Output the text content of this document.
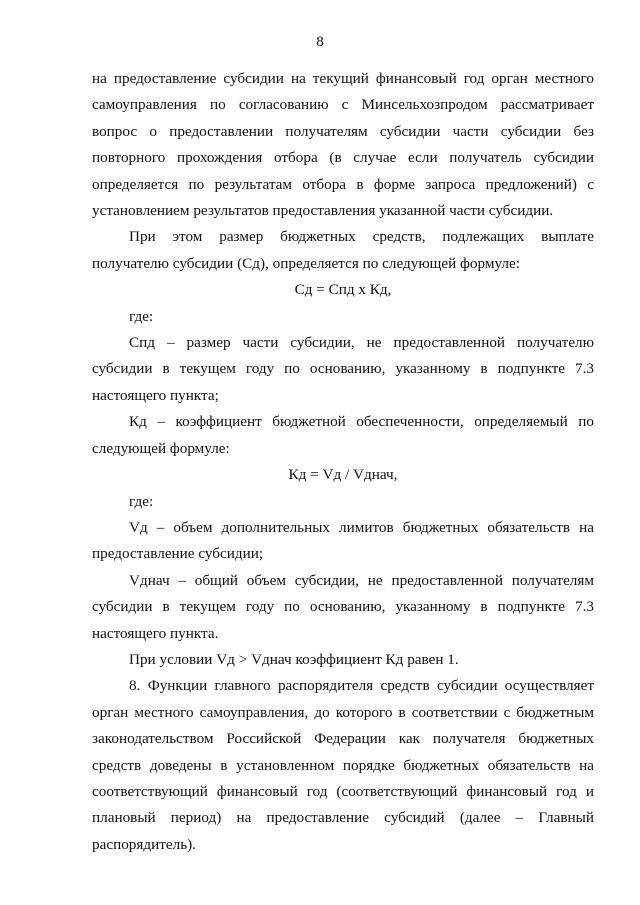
8

на предоставление субсидии на текущий финансовый год орган местного самоуправления по согласованию с Минсельхозпродом рассматривает вопрос о предоставлении получателям субсидии части субсидии без повторного прохождения отбора (в случае если получатель субсидии определяется по результатам отбора в форме запроса предложений) с установлением результатов предоставления указанной части субсидии.

При этом размер бюджетных средств, подлежащих выплате получателю субсидии (Сд), определяется по следующей формуле:

Сд = Спд х Кд,

где:

Спд – размер части субсидии, не предоставленной получателю субсидии в текущем году по основанию, указанному в подпункте 7.3 настоящего пункта;

Кд – коэффициент бюджетной обеспеченности, определяемый по следующей формуле:

Кд = Vд / Vднач,

где:

Vд – объем дополнительных лимитов бюджетных обязательств на предоставление субсидии;

Vднач – общий объем субсидии, не предоставленной получателям субсидии в текущем году по основанию, указанному в подпункте 7.3 настоящего пункта.

При условии Vд > Vднач коэффициент Кд равен 1.

8. Функции главного распорядителя средств субсидии осуществляет орган местного самоуправления, до которого в соответствии с бюджетным законодательством Российской Федерации как получателя бюджетных средств доведены в установленном порядке бюджетных обязательств на соответствующий финансовый год (соответствующий финансовый год и плановый период) на предоставление субсидий (далее – Главный распорядитель).
